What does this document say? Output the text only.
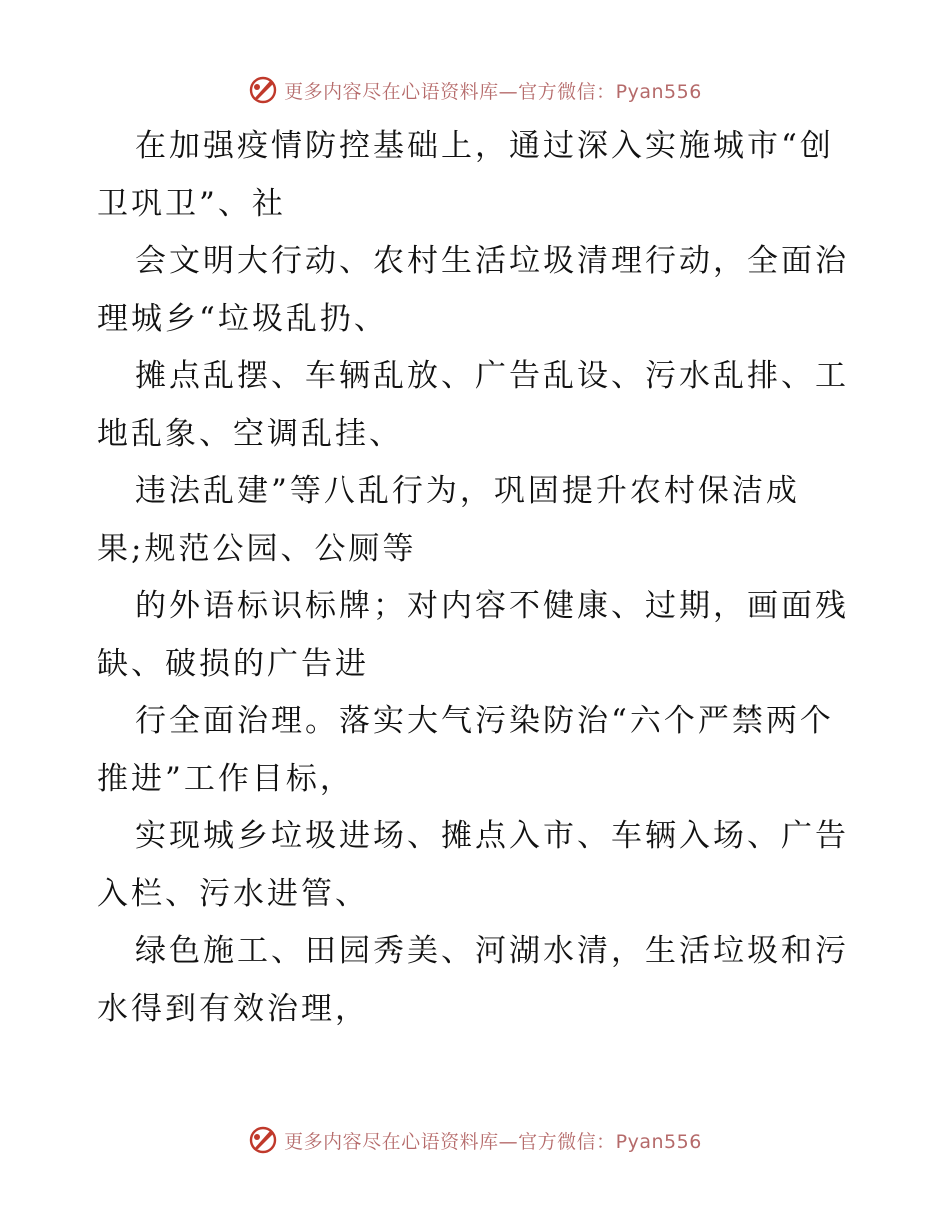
更多内容尽在心语资料库—官方微信：Pyan556

在加强疫情防控基础上，通过深入实施城市“创
卫巩卫”、社

会文明大行动、农村生活垃圾清理行动，全面治
理城乡“垃圾乱扔、

摊点乱摆、车辆乱放、广告乱设、污水乱排、工
地乱象、空调乱挂、

违法乱建”等八乱行为，巩固提升农村保洁成
果;规范公园、公厕等

的外语标识标牌；对内容不健康、过期，画面残
缺、破损的广告进

行全面治理。落实大气污染防治“六个严禁两个
推进”工作目标，

实现城乡垃圾进场、摊点入市、车辆入场、广告
入栏、污水进管、

绿色施工、田园秀美、河湖水清，生活垃圾和污
水得到有效治理，

更多内容尽在心语资料库—官方微信：Pyan556
